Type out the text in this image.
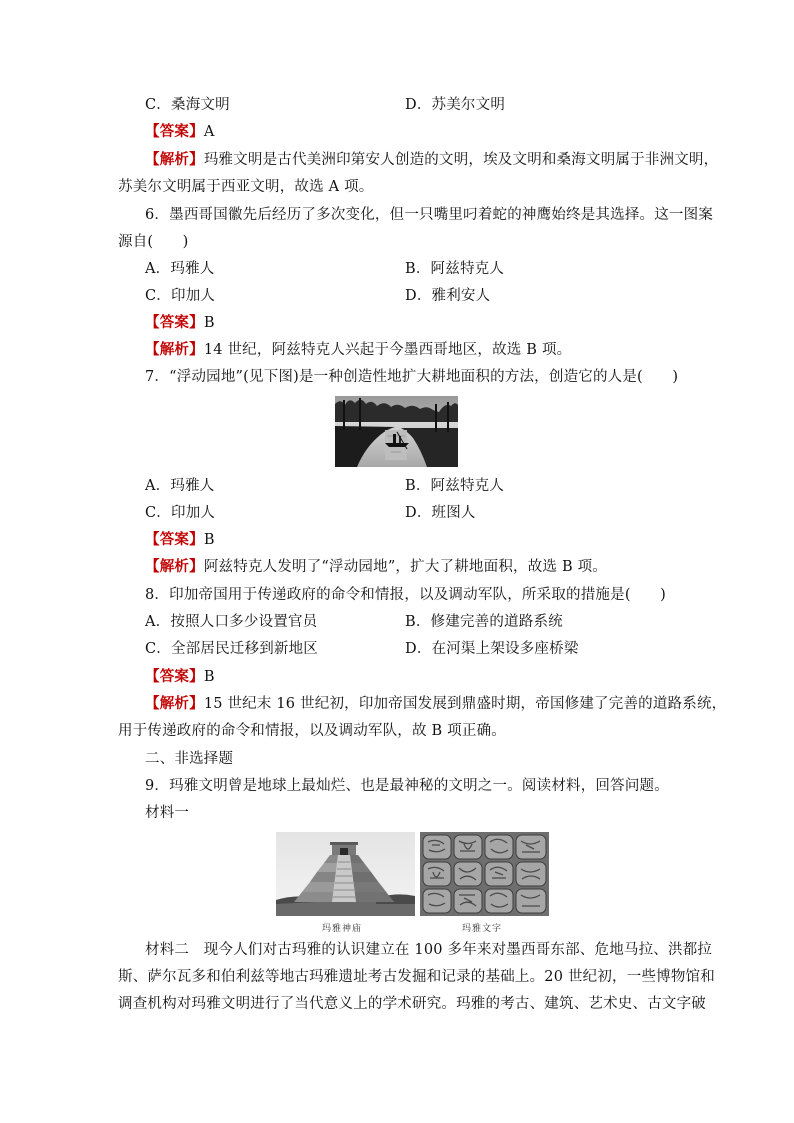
C．桑海文明	D．苏美尔文明
【答案】A
【解析】玛雅文明是古代美洲印第安人创造的文明，埃及文明和桑海文明属于非洲文明，
苏美尔文明属于西亚文明，故选 A 项。
6．墨西哥国徽先后经历了多次变化，但一只嘴里叼着蛇的神鹰始终是其选择。这一图案
源自(　　)
A．玛雅人	B．阿兹特克人
C．印加人	D．雅利安人
【答案】B
【解析】14 世纪，阿兹特克人兴起于今墨西哥地区，故选 B 项。
7．“浮动园地”(见下图)是一种创造性地扩大耕地面积的方法，创造它的人是(　　)
A．玛雅人	B．阿兹特克人
C．印加人	D．班图人
【答案】B
【解析】阿兹特克人发明了“浮动园地”，扩大了耕地面积，故选 B 项。
8．印加帝国用于传递政府的命令和情报，以及调动军队，所采取的措施是(　　)
A．按照人口多少设置官员	B．修建完善的道路系统
C．全部居民迁移到新地区	D．在河渠上架设多座桥梁
【答案】B
【解析】15 世纪末 16 世纪初，印加帝国发展到鼎盛时期，帝国修建了完善的道路系统，
用于传递政府的命令和情报，以及调动军队，故 B 项正确。
二、非选择题
9．玛雅文明曾是地球上最灿烂、也是最神秘的文明之一。阅读材料，回答问题。
材料一
玛雅神庙	玛雅文字
材料二　现今人们对古玛雅的认识建立在 100 多年来对墨西哥东部、危地马拉、洪都拉
斯、萨尔瓦多和伯利兹等地古玛雅遗址考古发掘和记录的基础上。20 世纪初，一些博物馆和
调查机构对玛雅文明进行了当代意义上的学术研究。玛雅的考古、建筑、艺术史、古文字破
